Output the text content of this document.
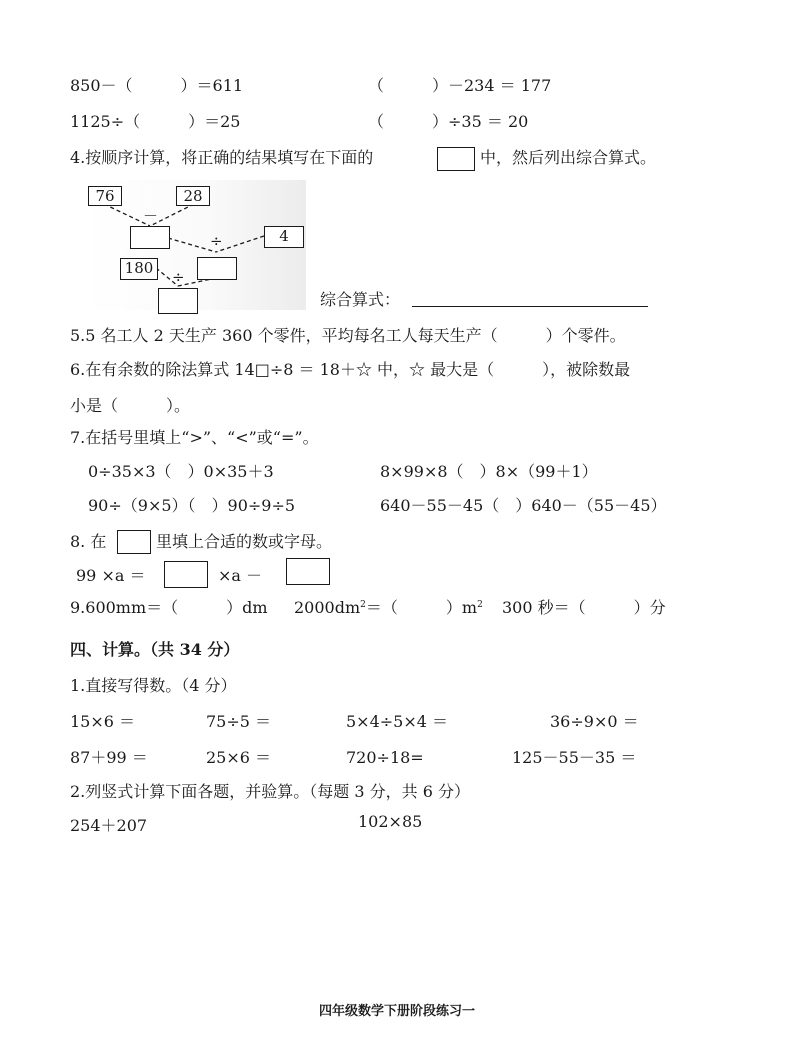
850－（　　　）＝611	（　　　）－234 ＝ 177
1125÷（　　　）＝25	（　　　）÷35 ＝ 20
4.按顺序计算，将正确的结果填写在下面的	中，然后列出综合算式。
76	28
－
÷	4
180	÷
综合算式：
5.5 名工人 2 天生产 360 个零件，平均每名工人每天生产（　　　）个零件。
6.在有余数的除法算式 14□÷8 ＝ 18＋☆ 中，☆ 最大是（　　　），被除数最
小是（　　　）。
7.在括号里填上“>”、“<”或“=”。
0÷35×3（　）0×35＋3	8×99×8（　）8×（99＋1）
90÷（9×5）（　）90÷9÷5	640－55－45（　）640－（55－45）
8. 在	里填上合适的数或字母。
99 ×a ＝	×a －
9.600mm＝（　　　）dm $2000dm^2=$（　　　）$m^2$ 300 秒＝（　　　）分
四、计算。（共 34 分）
1.直接写得数。（4 分）
15×6 ＝	75÷5 ＝	5×4÷5×4 ＝	36÷9×0 ＝
87＋99 ＝	25×6 ＝	720÷18=	125－55－35 ＝
2.列竖式计算下面各题，并验算。（每题 3 分，共 6 分）
254＋207	102×85
四年级数学下册阶段练习一
